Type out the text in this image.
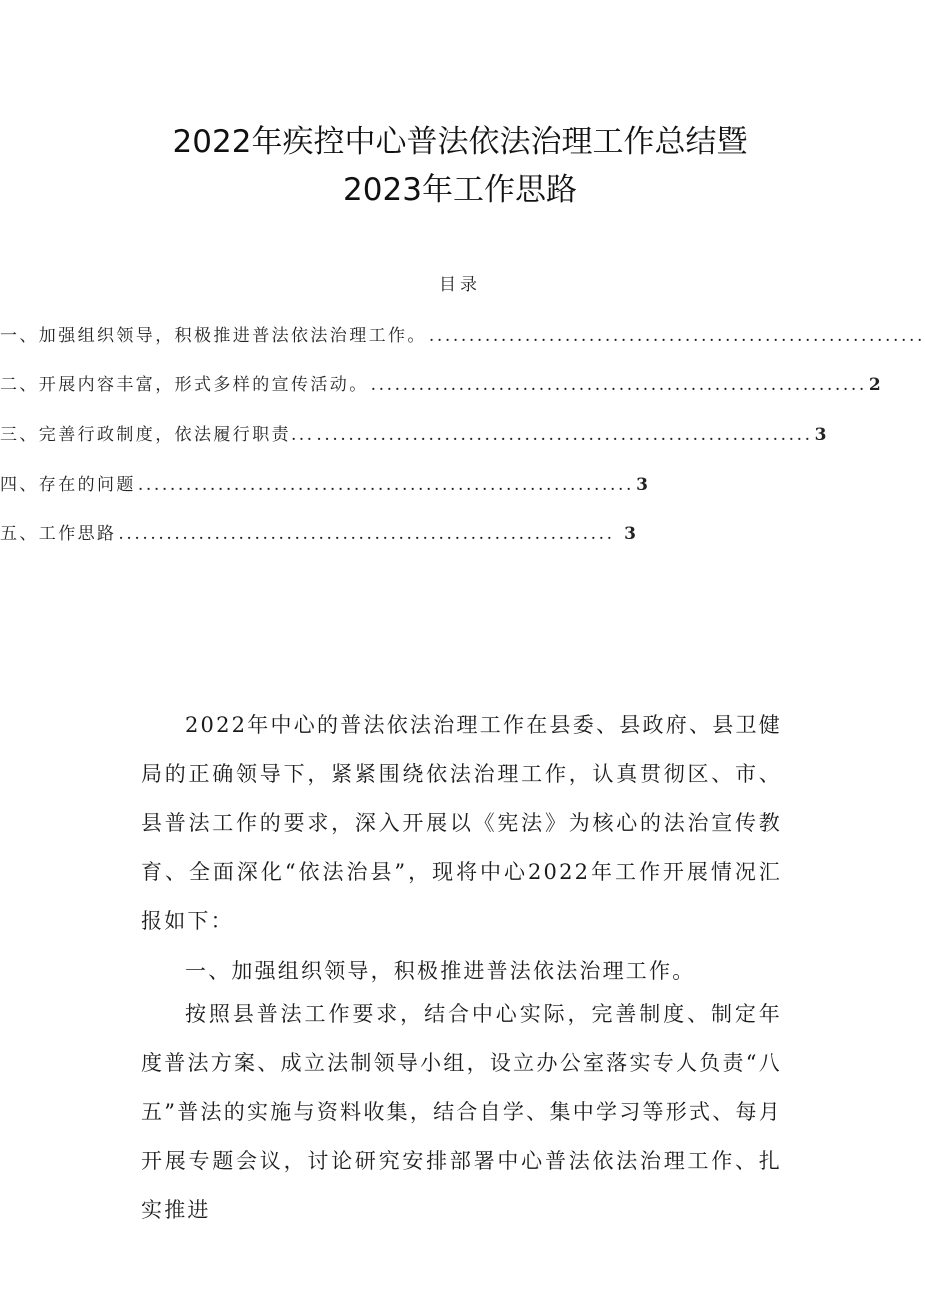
2022年疾控中心普法依法治理工作总结暨
2023年工作思路
目录
一、加强组织领导，积极推进普法依法治理工作。 ..............................................................
二、开展内容丰富，形式多样的宣传活动。 .............................................................. 2
三、完善行政制度，依法履行职责... .............................................................. 3
四、存在的问题 .............................................................. 3
五、工作思路 .............................................................. 3

2022年中心的普法依法治理工作在县委、县政府、县卫健局的正确领导下，紧紧围绕依法治理工作，认真贯彻区、市、县普法工作的要求，深入开展以《宪法》为核心的法治宣传教育、全面深化“依法治县”，现将中心2022年工作开展情况汇报如下：

一、加强组织领导，积极推进普法依法治理工作。

按照县普法工作要求，结合中心实际，完善制度、制定年度普法方案、成立法制领导小组，设立办公室落实专人负责“八五”普法的实施与资料收集，结合自学、集中学习等形式、每月开展专题会议，讨论研究安排部署中心普法依法治理工作、扎实推进
